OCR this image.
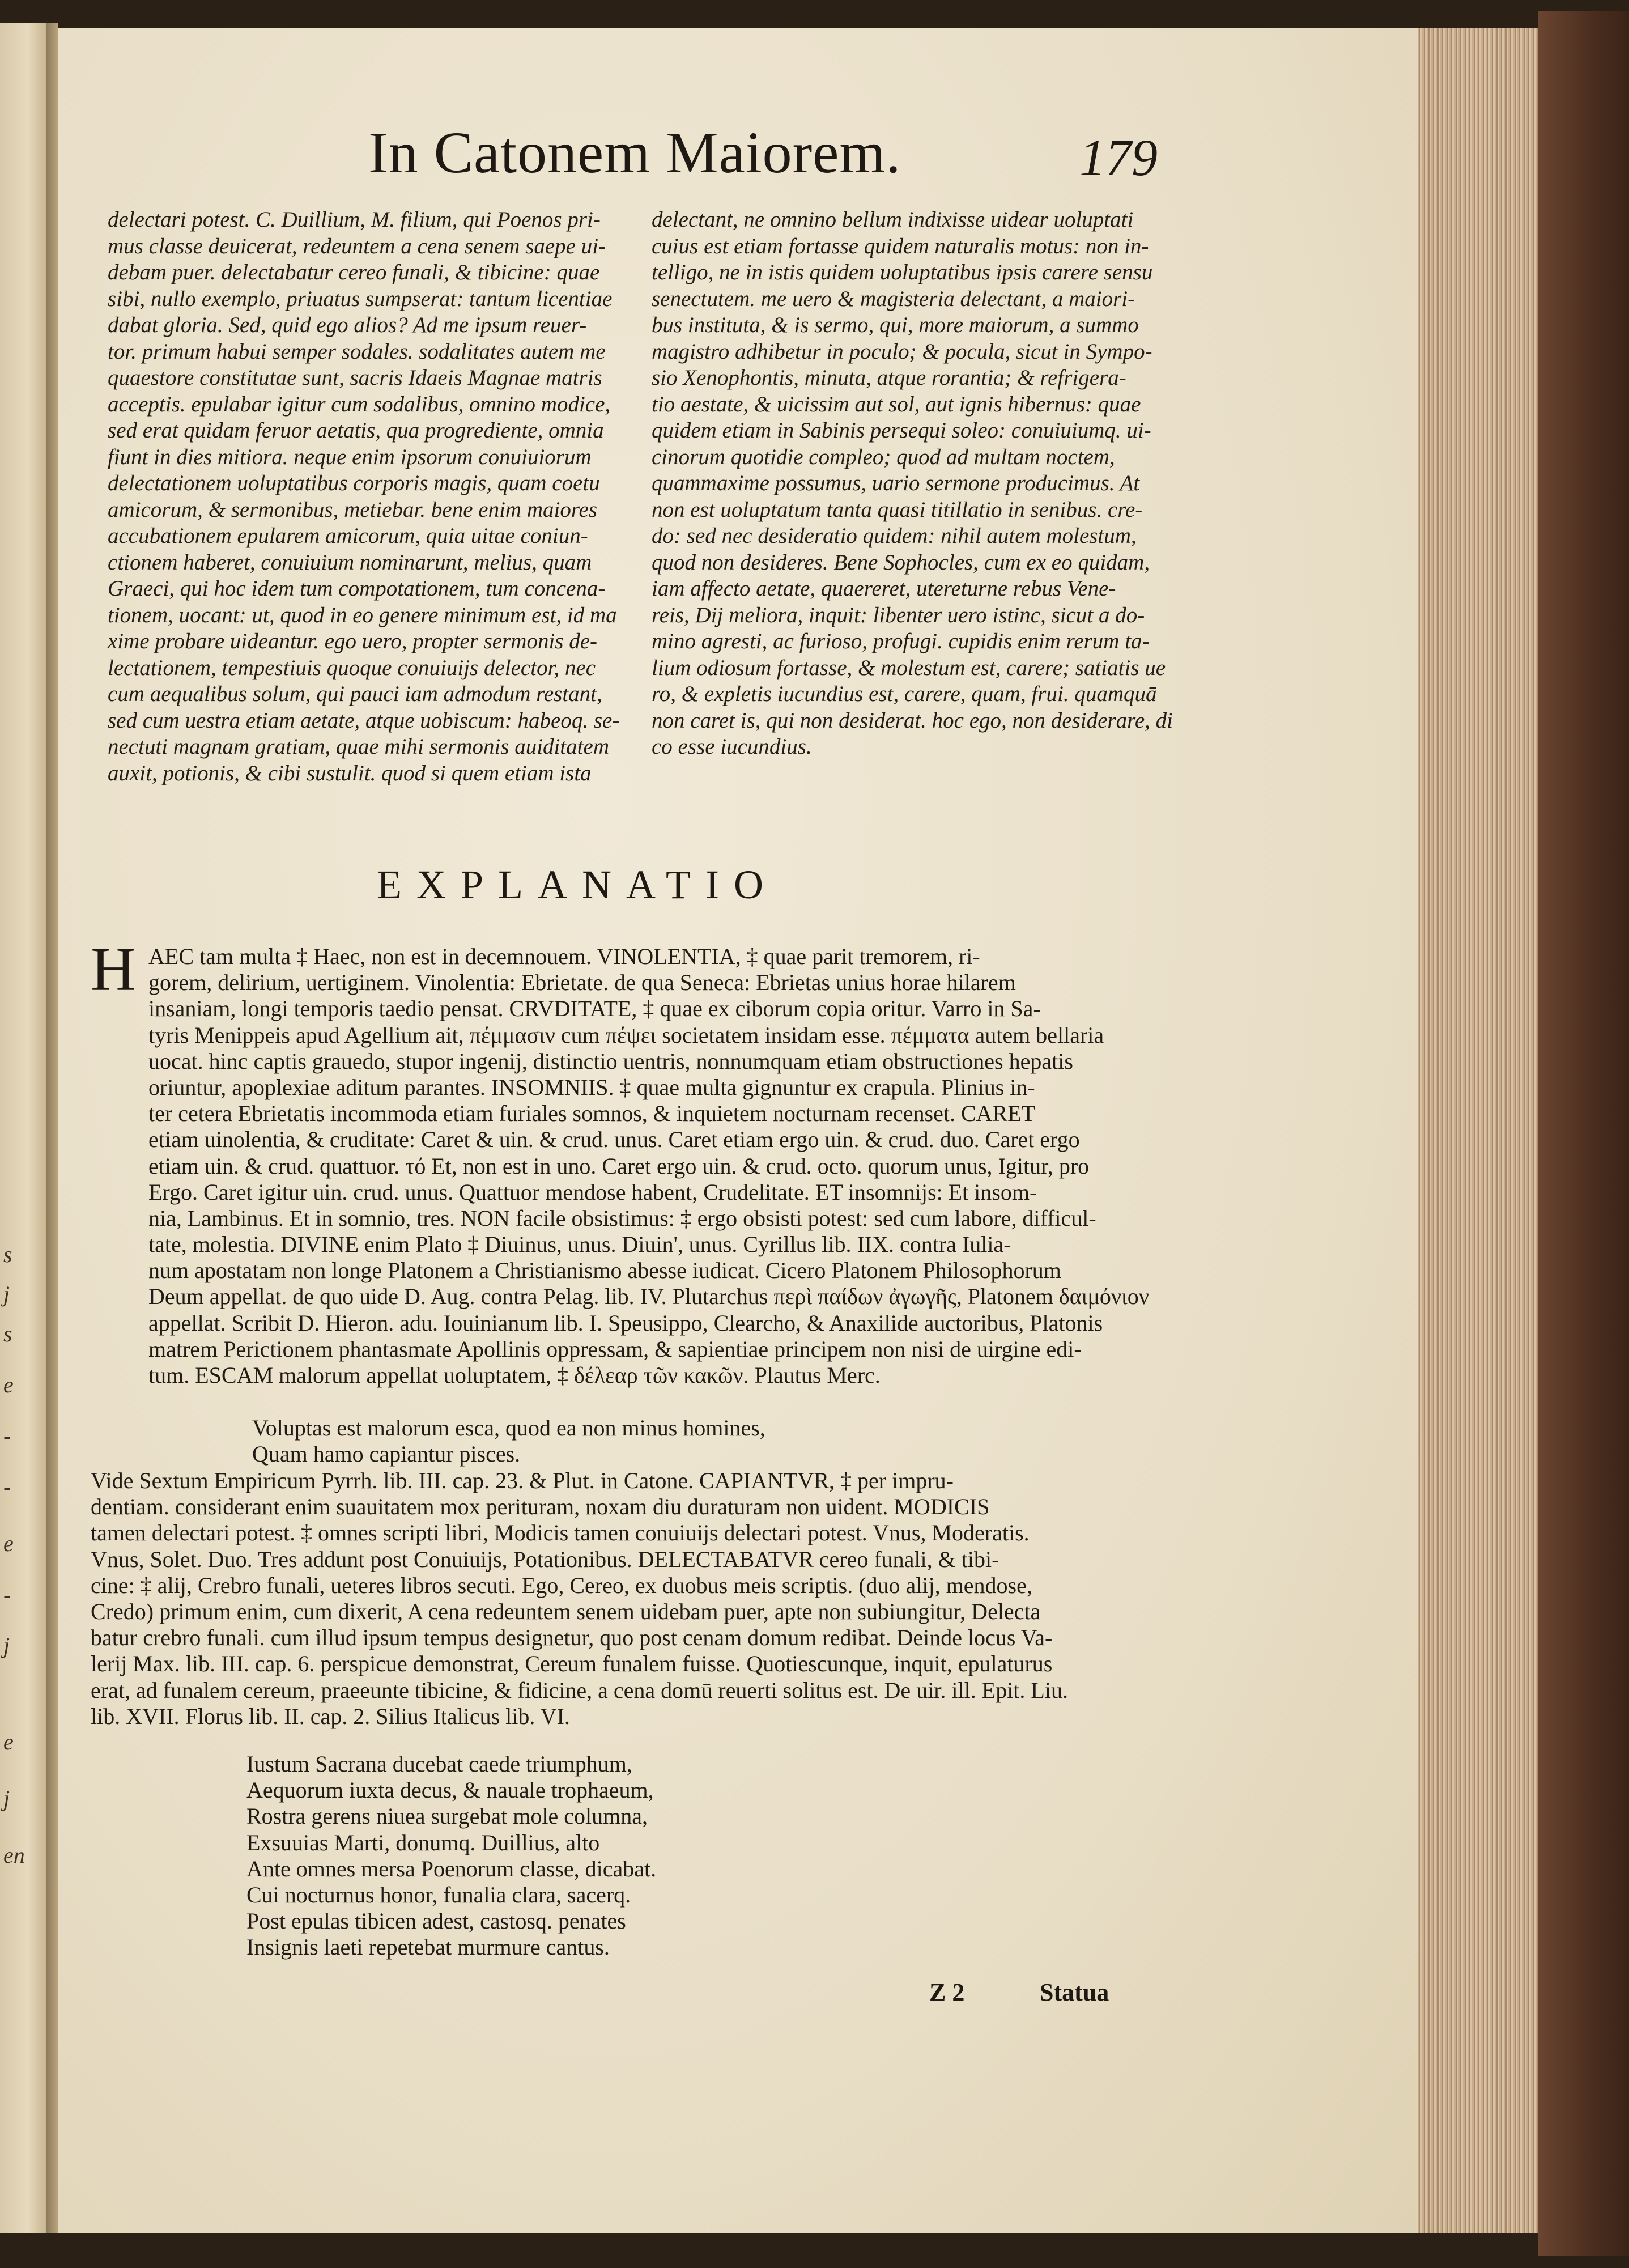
s
j
s
e
-
-
e
-
j
e
j
en
In Catonem Maiorem.	179
delectari potest. C. Duillium, M. filium, qui Poenos pri-
mus classe deuicerat, redeuntem a cena senem saepe ui-
debam puer. delectabatur cereo funali, & tibicine: quae
sibi, nullo exemplo, priuatus sumpserat: tantum licentiae
dabat gloria. Sed, quid ego alios? Ad me ipsum reuer-
tor. primum habui semper sodales. sodalitates autem me
quaestore constitutae sunt, sacris Idaeis Magnae matris
acceptis. epulabar igitur cum sodalibus, omnino modice,
sed erat quidam feruor aetatis, qua progrediente, omnia
fiunt in dies mitiora. neque enim ipsorum conuiuiorum
delectationem uoluptatibus corporis magis, quam coetu
amicorum, & sermonibus, metiebar. bene enim maiores
accubationem epularem amicorum, quia uitae coniun-
ctionem haberet, conuiuium nominarunt, melius, quam
Graeci, qui hoc idem tum compotationem, tum concena-
tionem, uocant: ut, quod in eo genere minimum est, id ma
xime probare uideantur. ego uero, propter sermonis de-
lectationem, tempestiuis quoque conuiuijs delector, nec
cum aequalibus solum, qui pauci iam admodum restant,
sed cum uestra etiam aetate, atque uobiscum: habeoq. se-
nectuti magnam gratiam, quae mihi sermonis auiditatem
auxit, potionis, & cibi sustulit. quod si quem etiam ista
delectant, ne omnino bellum indixisse uidear uoluptati
cuius est etiam fortasse quidem naturalis motus: non in-
telligo, ne in istis quidem uoluptatibus ipsis carere sensu
senectutem. me uero & magisteria delectant, a maiori-
bus instituta, & is sermo, qui, more maiorum, a summo
magistro adhibetur in poculo; & pocula, sicut in Sympo-
sio Xenophontis, minuta, atque rorantia; & refrigera-
tio aestate, & uicissim aut sol, aut ignis hibernus: quae
quidem etiam in Sabinis persequi soleo: conuiuiumq. ui-
cinorum quotidie compleo; quod ad multam noctem,
quammaxime possumus, uario sermone producimus. At
non est uoluptatum tanta quasi titillatio in senibus. cre-
do: sed nec desideratio quidem: nihil autem molestum,
quod non desideres. Bene Sophocles, cum ex eo quidam,
iam affecto aetate, quaereret, utereturne rebus Vene-
reis, Dij meliora, inquit: libenter uero istinc, sicut a do-
mino agresti, ac furioso, profugi. cupidis enim rerum ta-
lium odiosum fortasse, & molestum est, carere; satiatis ue
ro, & expletis iucundius est, carere, quam, frui. quamquā
non caret is, qui non desiderat. hoc ego, non desiderare, di
co esse iucundius.
EXPLANATIO
H AEC tam multa ‡ Haec, non est in decemnouem. VINOLENTIA, ‡ quae parit tremorem, ri-
gorem, delirium, uertiginem. Vinolentia: Ebrietate. de qua Seneca: Ebrietas unius horae hilarem
insaniam, longi temporis taedio pensat. CRVDITATE, ‡ quae ex ciborum copia oritur. Varro in Sa-
tyris Menippeis apud Agellium ait, πέμμασιν cum πέψει societatem insidam esse. πέμματα autem bellaria
uocat. hinc captis grauedo, stupor ingenij, distinctio uentris, nonnumquam etiam obstructiones hepatis
oriuntur, apoplexiae aditum parantes. INSOMNIIS. ‡ quae multa gignuntur ex crapula. Plinius in-
ter cetera Ebrietatis incommoda etiam furiales somnos, & inquietem nocturnam recenset. CARET
etiam uinolentia, & cruditate: Caret & uin. & crud. unus. Caret etiam ergo uin. & crud. duo. Caret ergo
etiam uin. & crud. quattuor. τό Et, non est in uno. Caret ergo uin. & crud. octo. quorum unus, Igitur, pro
Ergo. Caret igitur uin. crud. unus. Quattuor mendose habent, Crudelitate. ET insomnijs: Et insom-
nia, Lambinus. Et in somnio, tres. NON facile obsistimus: ‡ ergo obsisti potest: sed cum labore, difficul-
tate, molestia. DIVINE enim Plato ‡ Diuinus, unus. Diuin', unus. Cyrillus lib. IIX. contra Iulia-
num apostatam non longe Platonem a Christianismo abesse iudicat. Cicero Platonem Philosophorum
Deum appellat. de quo uide D. Aug. contra Pelag. lib. IV. Plutarchus περὶ παίδων ἀγωγῆς, Platonem δαιμόνιον
appellat. Scribit D. Hieron. adu. Iouinianum lib. I. Speusippo, Clearcho, & Anaxilide auctoribus, Platonis
matrem Perictionem phantasmate Apollinis oppressam, & sapientiae principem non nisi de uirgine edi-
tum. ESCAM malorum appellat uoluptatem, ‡ δέλεαρ τῶν κακῶν. Plautus Merc.
Voluptas est malorum esca, quod ea non minus homines,
Quam hamo capiantur pisces.
Vide Sextum Empiricum Pyrrh. lib. III. cap. 23. & Plut. in Catone. CAPIANTVR, ‡ per impru-
dentiam. considerant enim suauitatem mox perituram, noxam diu duraturam non uident. MODICIS
tamen delectari potest. ‡ omnes scripti libri, Modicis tamen conuiuijs delectari potest. Vnus, Moderatis.
Vnus, Solet. Duo. Tres addunt post Conuiuijs, Potationibus. DELECTABATVR cereo funali, & tibi-
cine: ‡ alij, Crebro funali, ueteres libros secuti. Ego, Cereo, ex duobus meis scriptis. (duo alij, mendose,
Credo) primum enim, cum dixerit, A cena redeuntem senem uidebam puer, apte non subiungitur, Delecta
batur crebro funali. cum illud ipsum tempus designetur, quo post cenam domum redibat. Deinde locus Va-
lerij Max. lib. III. cap. 6. perspicue demonstrat, Cereum funalem fuisse. Quotiescunque, inquit, epulaturus
erat, ad funalem cereum, praeeunte tibicine, & fidicine, a cena domū reuerti solitus est. De uir. ill. Epit. Liu.
lib. XVII. Florus lib. II. cap. 2. Silius Italicus lib. VI.
Iustum Sacrana ducebat caede triumphum,
Aequorum iuxta decus, & nauale trophaeum,
Rostra gerens niuea surgebat mole columna,
Exsuuias Marti, donumq. Duillius, alto
Ante omnes mersa Poenorum classe, dicabat.
Cui nocturnus honor, funalia clara, sacerq.
Post epulas tibicen adest, castosq. penates
Insignis laeti repetebat murmure cantus.
Z 2	Statua
